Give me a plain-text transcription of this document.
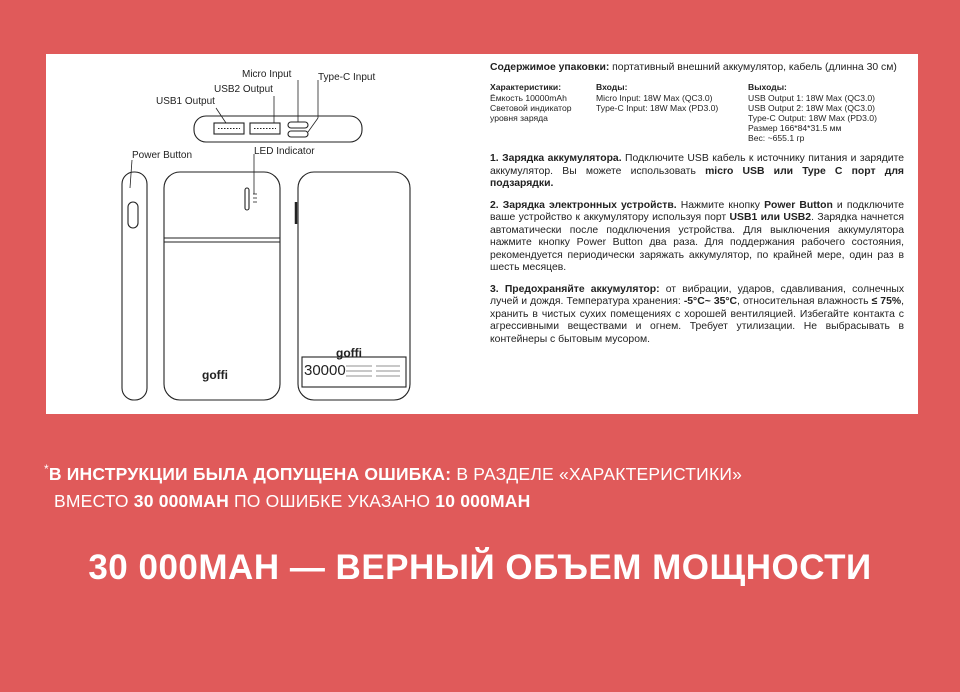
Micro Input	Type-C Input
USB2 Output
USB1 Output
Power Button	LED Indicator
goffi
goffi
30000

Содержимое упаковки: портативный внешний аккумулятор, кабель (длинна 30 см)

Характеристики:
Ёмкость 10000mAh
Световой индикатор
уровня заряда
Входы:
Micro Input: 18W Max (QC3.0)
Type-C Input: 18W Max (PD3.0)
Выходы:
USB Output 1: 18W Max (QC3.0)
USB Output 2: 18W Max (QC3.0)
Type-C Output: 18W Max (PD3.0)
Размер 166*84*31.5 мм
Вес: ~655.1 гр

1. Зарядка аккумулятора. Подключите USB кабель к источнику питания и зарядите аккумулятор. Вы можете использовать micro USB или Type C порт для подзарядки.

2. Зарядка электронных устройств. Нажмите кнопку Power Button и подключите ваше устройство к аккумулятору используя порт USB1 или USB2. Зарядка начнется автоматически после подключения устройства. Для выключения аккумулятора нажмите кнопку Power Button два раза. Для поддержания рабочего состояния, рекомендуется периодически заряжать аккумулятор, по крайней мере, один раз в шесть месяцев.

3. Предохраняйте аккумулятор: от вибрации, ударов, сдавливания, солнечных лучей и дождя. Температура хранения: -5°C~ 35°C, относительная влажность ≤ 75%, хранить в чистых сухих помещениях с хорошей вентиляцией. Избегайте контакта с агрессивными веществами и огнем. Требует утилизации. Не выбрасывать в контейнеры с бытовым мусором.

*В ИНСТРУКЦИИ БЫЛА ДОПУЩЕНА ОШИБКА: В РАЗДЕЛЕ «ХАРАКТЕРИСТИКИ»
ВМЕСТО 30 000МАН ПО ОШИБКЕ УКАЗАНО 10 000МАН
30 000МАН — ВЕРНЫЙ ОБЪЕМ МОЩНОСТИ
